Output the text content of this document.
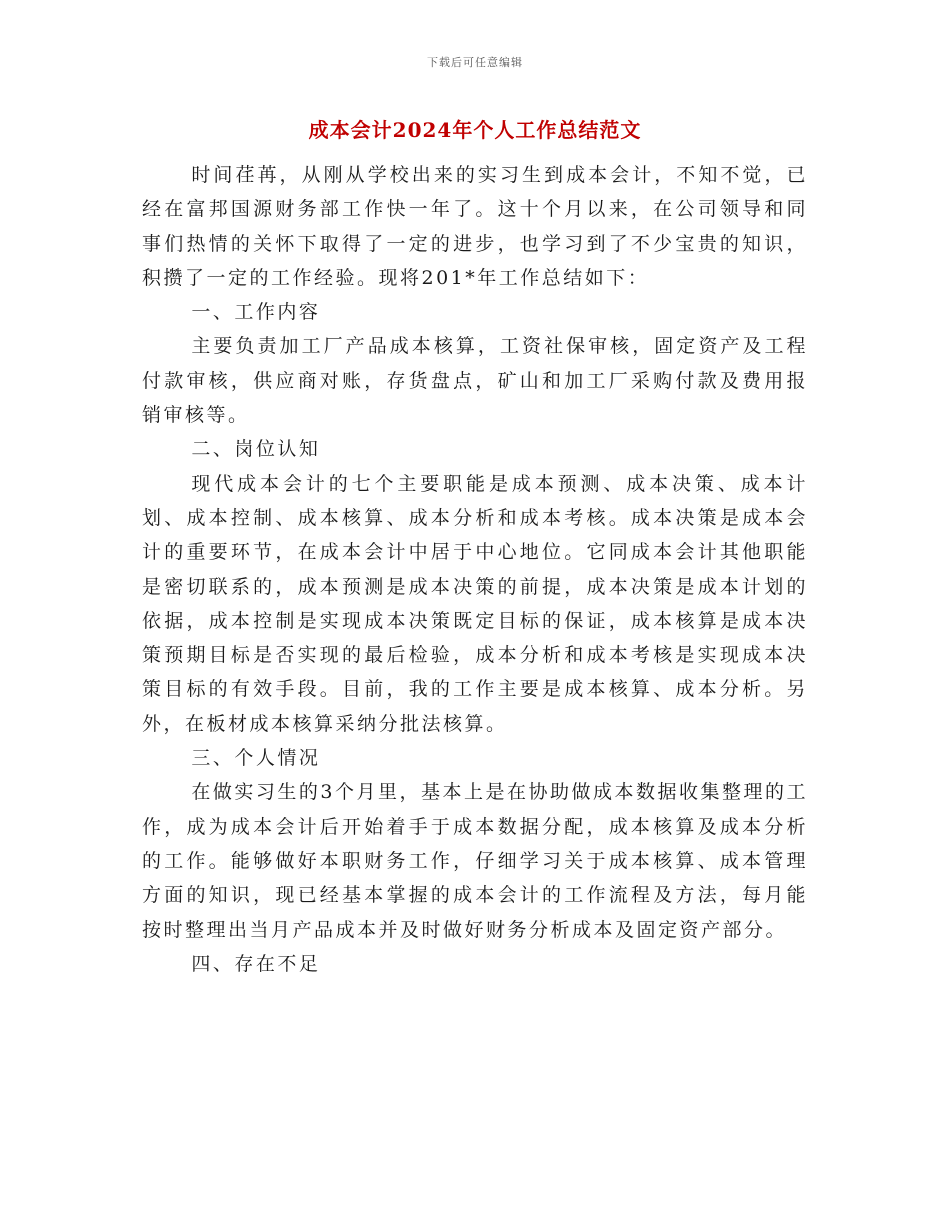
下载后可任意编辑
成本会计2024年个人工作总结范文

时间荏苒，从刚从学校出来的实习生到成本会计，不知不觉，已经在富邦国源财务部工作快一年了。这十个月以来，在公司领导和同事们热情的关怀下取得了一定的进步，也学习到了不少宝贵的知识，积攒了一定的工作经验。现将201*年工作总结如下：

一、工作内容

主要负责加工厂产品成本核算，工资社保审核，固定资产及工程付款审核，供应商对账，存货盘点，矿山和加工厂采购付款及费用报销审核等。

二、岗位认知

现代成本会计的七个主要职能是成本预测、成本决策、成本计划、成本控制、成本核算、成本分析和成本考核。成本决策是成本会计的重要环节，在成本会计中居于中心地位。它同成本会计其他职能是密切联系的，成本预测是成本决策的前提，成本决策是成本计划的依据，成本控制是实现成本决策既定目标的保证，成本核算是成本决策预期目标是否实现的最后检验，成本分析和成本考核是实现成本决策目标的有效手段。目前，我的工作主要是成本核算、成本分析。另外，在板材成本核算采纳分批法核算。

三、个人情况

在做实习生的3个月里，基本上是在协助做成本数据收集整理的工作，成为成本会计后开始着手于成本数据分配，成本核算及成本分析的工作。能够做好本职财务工作，仔细学习关于成本核算、成本管理方面的知识，现已经基本掌握的成本会计的工作流程及方法，每月能按时整理出当月产品成本并及时做好财务分析成本及固定资产部分。

四、存在不足
